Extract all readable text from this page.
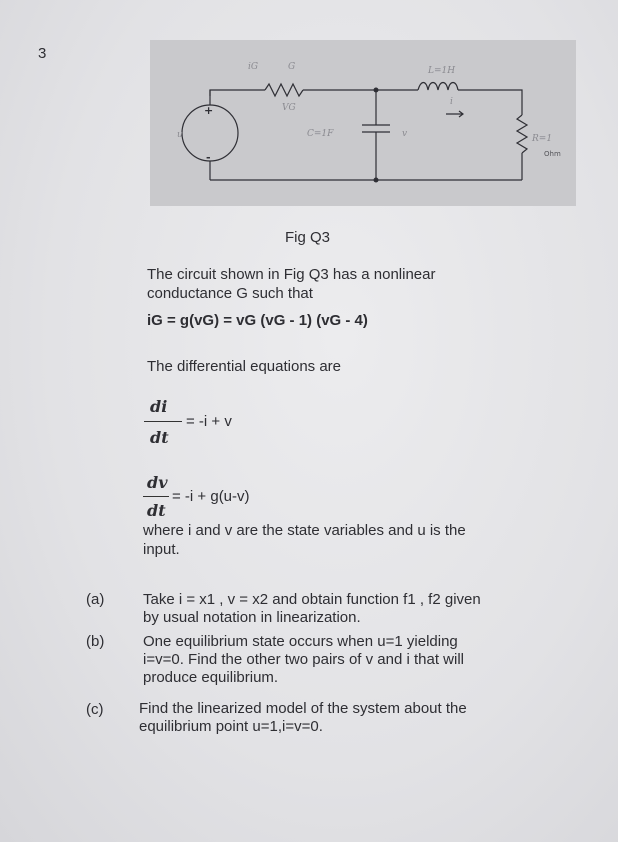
3
iG	G
VG
L=1H
i
u	C=1F	v	R=1
+
-	Ohm
Fig Q3
The circuit shown in Fig Q3 has a nonlinear
conductance G such that
iG = g(vG) = vG (vG - 1) (vG - 4)
The differential equations are
di
dt
= -i + v
dv
dt
= -i + g(u-v)
where i and v are the state variables and u is the
input.
(a)	Take i = x1 , v = x2 and obtain function f1 , f2 given
by usual notation in linearization.
(b)	One equilibrium state occurs when u=1 yielding
i=v=0. Find the other two pairs of v and i that will
produce equilibrium.
(c) Find the linearized model of the system about the
equilibrium point u=1,i=v=0.
